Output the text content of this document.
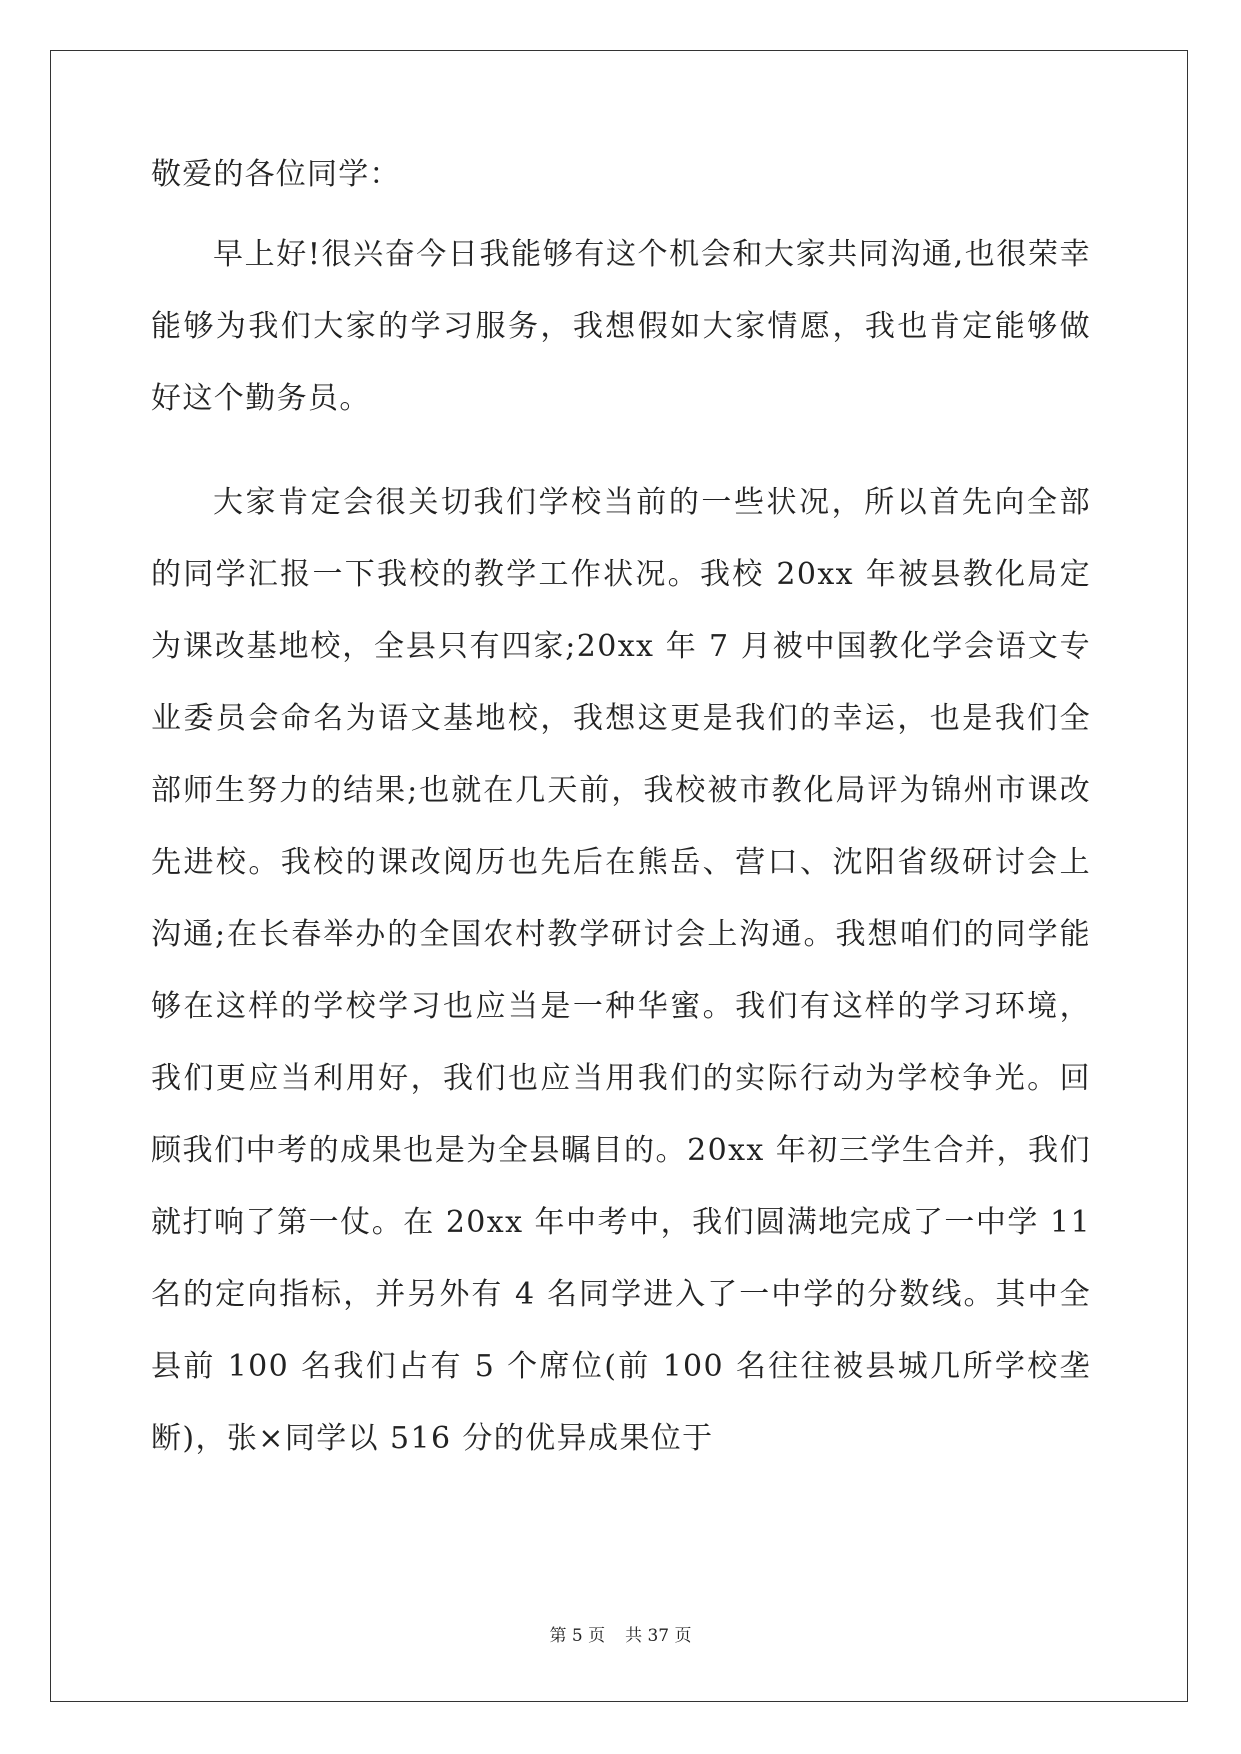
敬爱的各位同学：

早上好!很兴奋今日我能够有这个机会和大家共同沟通,也很荣幸能够为我们大家的学习服务，我想假如大家情愿，我也肯定能够做好这个勤务员。

大家肯定会很关切我们学校当前的一些状况，所以首先向全部的同学汇报一下我校的教学工作状况。我校 20xx 年被县教化局定为课改基地校，全县只有四家;20xx 年 7 月被中国教化学会语文专业委员会命名为语文基地校，我想这更是我们的幸运，也是我们全部师生努力的结果;也就在几天前，我校被市教化局评为锦州市课改先进校。我校的课改阅历也先后在熊岳、营口、沈阳省级研讨会上沟通;在长春举办的全国农村教学研讨会上沟通。我想咱们的同学能够在这样的学校学习也应当是一种华蜜。我们有这样的学习环境，我们更应当利用好，我们也应当用我们的实际行动为学校争光。回顾我们中考的成果也是为全县瞩目的。20xx 年初三学生合并，我们就打响了第一仗。在 20xx 年中考中，我们圆满地完成了一中学 11 名的定向指标，并另外有 4 名同学进入了一中学的分数线。其中全县前 100 名我们占有 5 个席位(前 100 名往往被县城几所学校垄断)，张×同学以 516 分的优异成果位于

第 5 页 共 37 页
